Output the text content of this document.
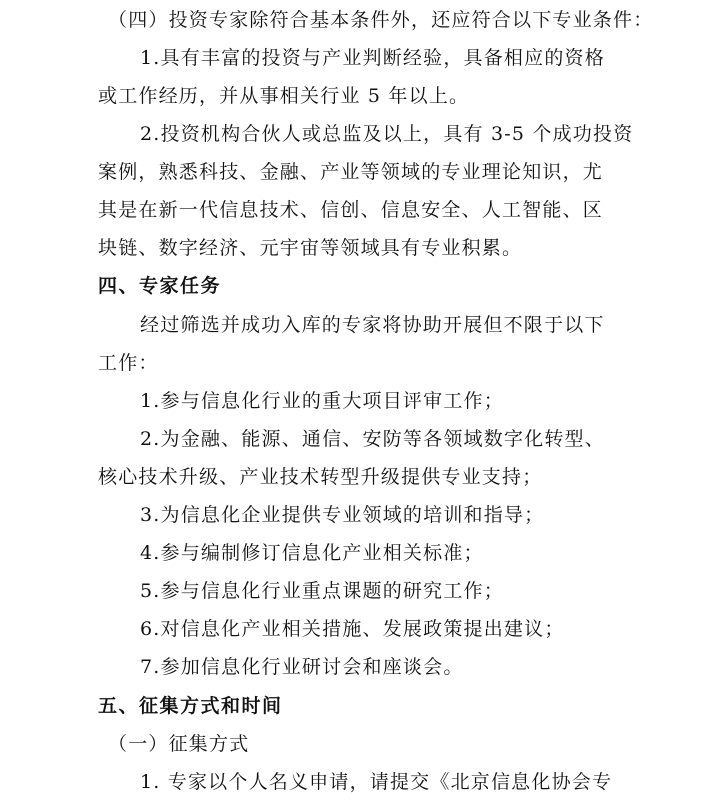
（四）投资专家除符合基本条件外，还应符合以下专业条件：
1.具有丰富的投资与产业判断经验，具备相应的资格
或工作经历，并从事相关行业 5 年以上。
2.投资机构合伙人或总监及以上，具有 3-5 个成功投资
案例，熟悉科技、金融、产业等领域的专业理论知识，尤
其是在新一代信息技术、信创、信息安全、人工智能、区
块链、数字经济、元宇宙等领域具有专业积累。
四、专家任务
经过筛选并成功入库的专家将协助开展但不限于以下
工作：
1.参与信息化行业的重大项目评审工作；
2.为金融、能源、通信、安防等各领域数字化转型、
核心技术升级、产业技术转型升级提供专业支持；
3.为信息化企业提供专业领域的培训和指导；
4.参与编制修订信息化产业相关标准；
5.参与信息化行业重点课题的研究工作；
6.对信息化产业相关措施、发展政策提出建议；
7.参加信息化行业研讨会和座谈会。
五、征集方式和时间
（一）征集方式
1. 专家以个人名义申请，请提交《北京信息化协会专
